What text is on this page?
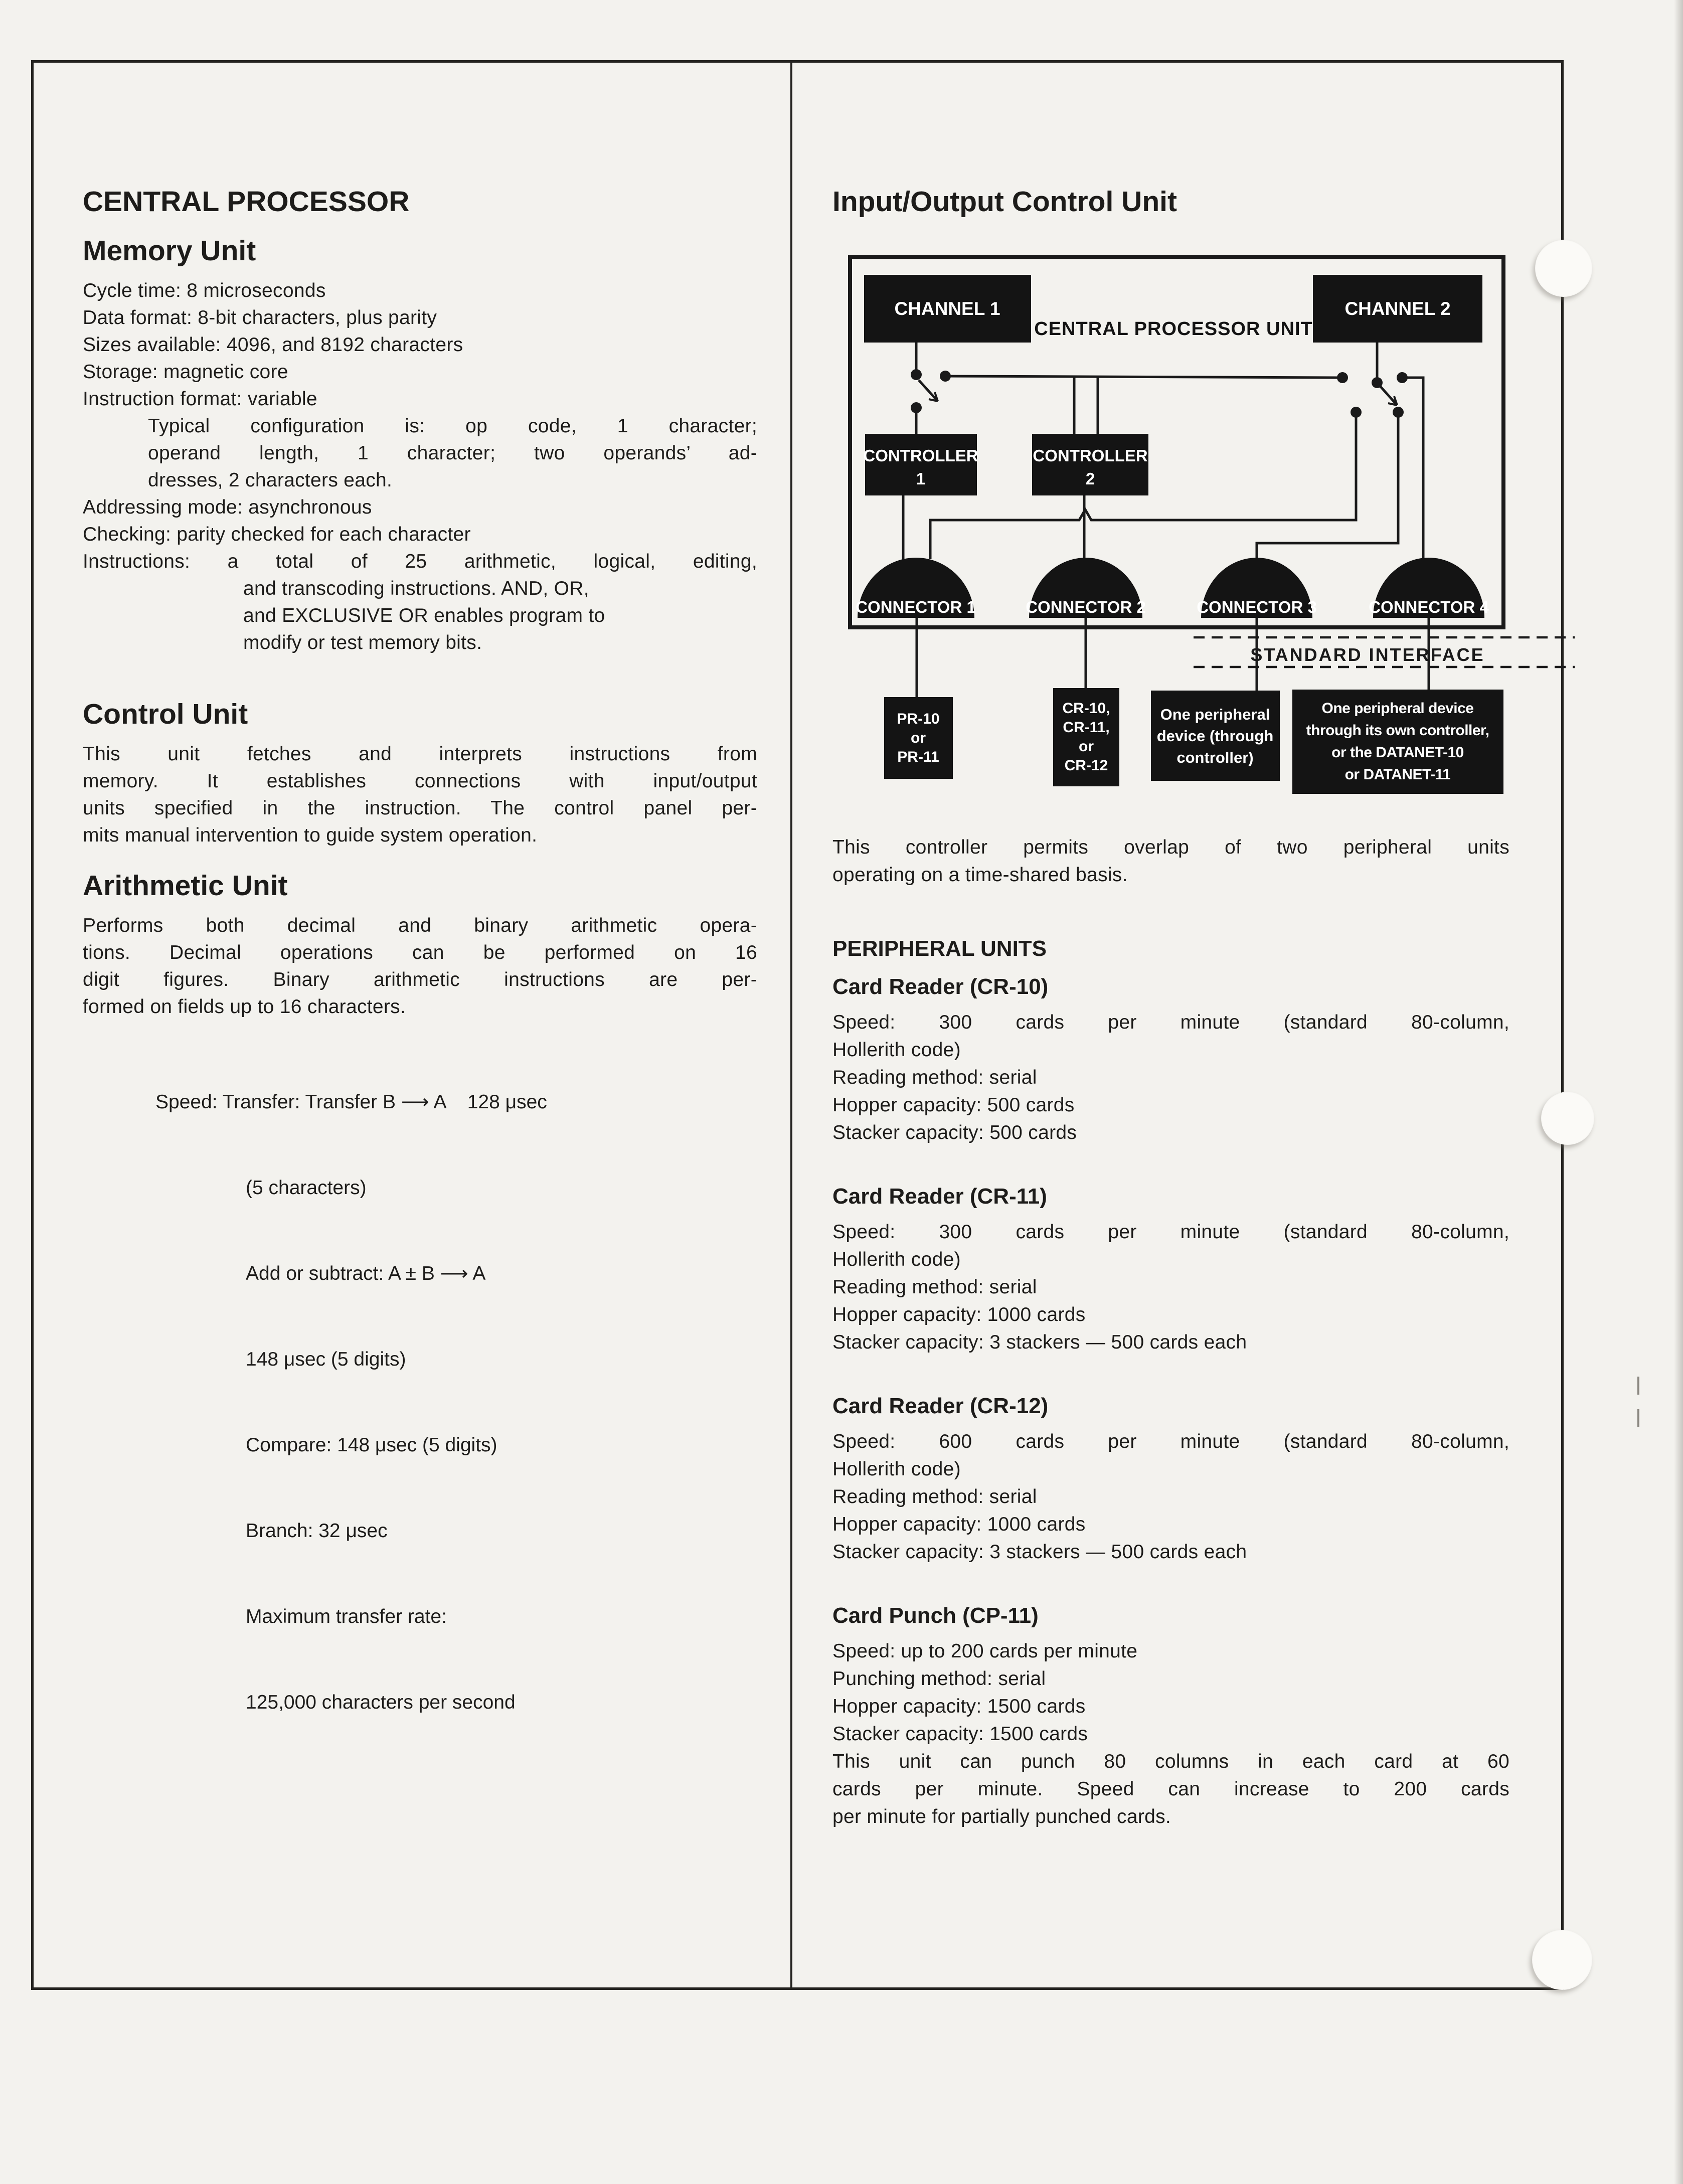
CENTRAL PROCESSOR
Memory Unit
Cycle time: 8 microseconds
Data format: 8-bit characters, plus parity
Sizes available: 4096, and 8192 characters
Storage: magnetic core
Instruction format: variable
Typical configuration is: op code, 1 character;
operand length, 1 character; two operands’ ad-
dresses, 2 characters each.
Addressing mode: asynchronous
Checking: parity checked for each character
Instructions: a total of 25 arithmetic, logical, editing,
and transcoding instructions. AND, OR,
and EXCLUSIVE OR enables program to
modify or test memory bits.
Control Unit
This unit fetches and interprets instructions from
memory. It establishes connections with input/output
units specified in the instruction. The control panel per-
mits manual intervention to guide system operation.
Arithmetic Unit
Performs both decimal and binary arithmetic opera-
tions. Decimal operations can be performed on 16
digit figures. Binary arithmetic instructions are per-
formed on fields up to 16 characters.

Speed: Transfer: Transfer B ⟶ A    128 μsec

(5 characters)

Add or subtract: A ± B ⟶ A

148 μsec (5 digits)

Compare: 148 μsec (5 digits)

Branch: 32 μsec

Maximum transfer rate:

125,000 characters per second

Input/Output Control Unit
CHANNEL 1	CHANNEL 2
CENTRAL PROCESSOR UNIT
CONTROLLER
1
CONTROLLER
2
CONNECTOR 1	CONNECTOR 2	CONNECTOR 3	CONNECTOR 4
STANDARD INTERFACE
PR-10
or
PR-11
CR-10,
CR-11,
or
CR-12
One peripheral
device (through
controller)
One peripheral device
through its own controller,
or the DATANET-10
or DATANET-11
This controller permits overlap of two peripheral units
operating on a time-shared basis.
PERIPHERAL UNITS
Card Reader (CR-10)
Speed: 300 cards per minute (standard 80-column,
Hollerith code)
Reading method: serial
Hopper capacity: 500 cards
Stacker capacity: 500 cards
Card Reader (CR-11)
Speed: 300 cards per minute (standard 80-column,
Hollerith code)
Reading method: serial
Hopper capacity: 1000 cards
Stacker capacity: 3 stackers — 500 cards each
Card Reader (CR-12)
Speed: 600 cards per minute (standard 80-column,
Hollerith code)
Reading method: serial
Hopper capacity: 1000 cards
Stacker capacity: 3 stackers — 500 cards each
Card Punch (CP-11)
Speed: up to 200 cards per minute
Punching method: serial
Hopper capacity: 1500 cards
Stacker capacity: 1500 cards
This unit can punch 80 columns in each card at 60
cards per minute. Speed can increase to 200 cards
per minute for partially punched cards.
